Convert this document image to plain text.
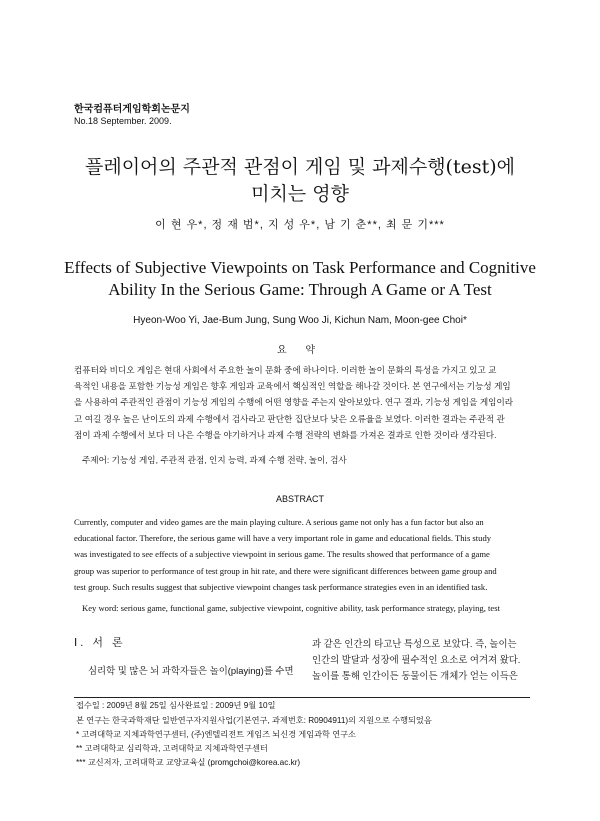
한국컴퓨터게임학회논문지
No.18 September. 2009.
플레이어의 주관적 관점이 게임 및 과제수행(test)에
미치는 영향
이 현 우*, 정 재 범*, 지 성 우*, 남 기 춘**, 최 문 기***
Effects of Subjective Viewpoints on Task Performance and Cognitive
Ability In the Serious Game: Through A Game or A Test
Hyeon-Woo Yi, Jae-Bum Jung, Sung Woo Ji, Kichun Nam, Moon-gee Choi*
요 약
컴퓨터와 비디오 게임은 현대 사회에서 주요한 놀이 문화 중에 하나이다. 이러한 놀이 문화의 특성을 가지고 있고 교
육적인 내용을 포함한 기능성 게임은 향후 게임과 교육에서 핵심적인 역할을 해나갈 것이다. 본 연구에서는 기능성 게임
을 사용하여 주관적인 관점이 기능성 게임의 수행에 어떤 영향을 주는지 알아보았다. 연구 결과, 기능성 게임을 게임이라
고 여길 경우 높은 난이도의 과제 수행에서 검사라고 판단한 집단보다 낮은 오류율을 보였다. 이러한 결과는 주관적 관
점이 과제 수행에서 보다 더 나은 수행을 야기하거나 과제 수행 전략의 변화를 가져온 결과로 인한 것이라 생각된다.
주제어: 기능성 게임, 주관적 관점, 인지 능력, 과제 수행 전략, 놀이, 검사
ABSTRACT
Currently, computer and video games are the main playing culture. A serious game not only has a fun factor but also an
educational factor. Therefore, the serious game will have a very important role in game and educational fields. This study
was investigated to see effects of a subjective viewpoint in serious game. The results showed that performance of a game
group was superior to performance of test group in hit rate, and there were significant differences between game group and
test group. Such results suggest that subjective viewpoint changes task performance strategies even in an identified task.
Key word: serious game, functional game, subjective viewpoint, cognitive ability, task performance strategy, playing, test
Ⅰ. 서 론
심리학 및 많은 뇌 과학자들은 놀이(playing)를 수면
과 같은 인간의 타고난 특성으로 보았다. 즉, 놀이는
인간의 발달과 성장에 필수적인 요소로 여겨져 왔다.
놀이를 통해 인간이든 동물이든 개체가 얻는 이득은
접수일 : 2009년 8월 25일 심사완료일 : 2009년 9월 10일
본 연구는 한국과학재단 일반연구자지원사업(기본연구, 과제번호: R0904911)의 지원으로 수행되었음
* 고려대학교 지체과학연구센터, (주)엔텔리전트 게임즈 뇌신경 게임과학 연구소
** 고려대학교 심리학과, 고려대학교 지체과학연구센터
*** 교신저자, 고려대학교 교양교육실 (promgchoi@korea.ac.kr)
